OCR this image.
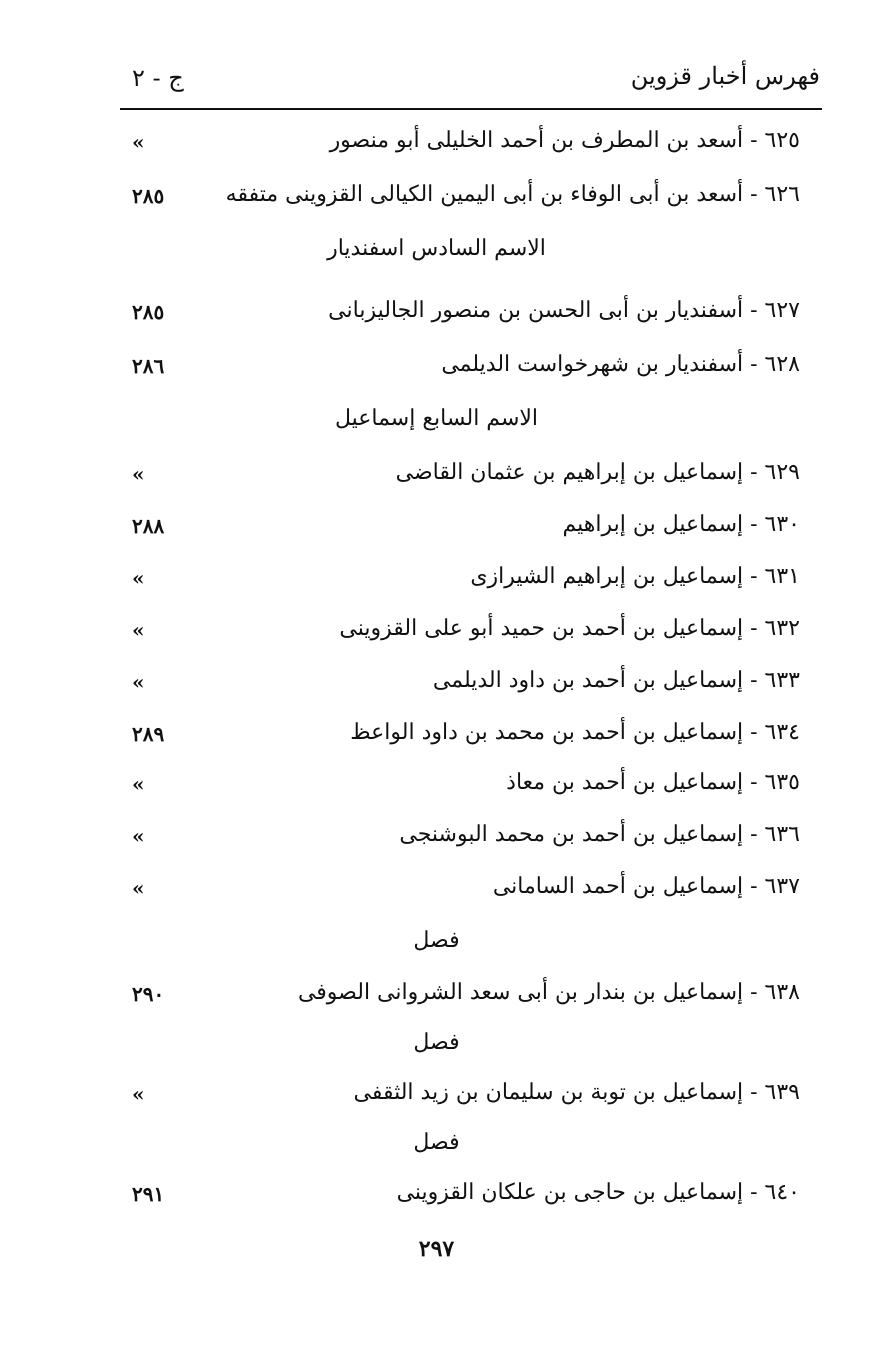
فهرس أخبار قزوين
ج - ٢
٦٢٥ - أسعد بن المطرف بن أحمد الخليلى أبو منصور
»
٦٢٦ - أسعد بن أبى الوفاء بن أبى اليمين الكيالى القزوينى متفقه
٢٨٥
الاسم السادس اسفنديار
٦٢٧ - أسفنديار بن أبى الحسن بن منصور الجاليزبانى
٢٨٥
٦٢٨ - أسفنديار بن شهرخواست الديلمى
٢٨٦
الاسم السابع إسماعيل
٦٢٩ - إسماعيل بن إبراهيم بن عثمان القاضى
»
٦٣٠ - إسماعيل بن إبراهيم
٢٨٨
٦٣١ - إسماعيل بن إبراهيم الشيرازى
»
٦٣٢ - إسماعيل بن أحمد بن حميد أبو على القزوينى
»
٦٣٣ - إسماعيل بن أحمد بن داود الديلمى
»
٦٣٤ - إسماعيل بن أحمد بن محمد بن داود الواعظ
٢٨٩
٦٣٥ - إسماعيل بن أحمد بن معاذ
»
٦٣٦ - إسماعيل بن أحمد بن محمد البوشنجى
»
٦٣٧ - إسماعيل بن أحمد السامانى
»
فصل
٦٣٨ - إسماعيل بن بندار بن أبى سعد الشروانى الصوفى
٢٩٠
فصل
٦٣٩ - إسماعيل بن توبة بن سليمان بن زيد الثقفى
»
فصل
٦٤٠ - إسماعيل بن حاجى بن علكان القزوينى
٢٩١
٢٩٧
